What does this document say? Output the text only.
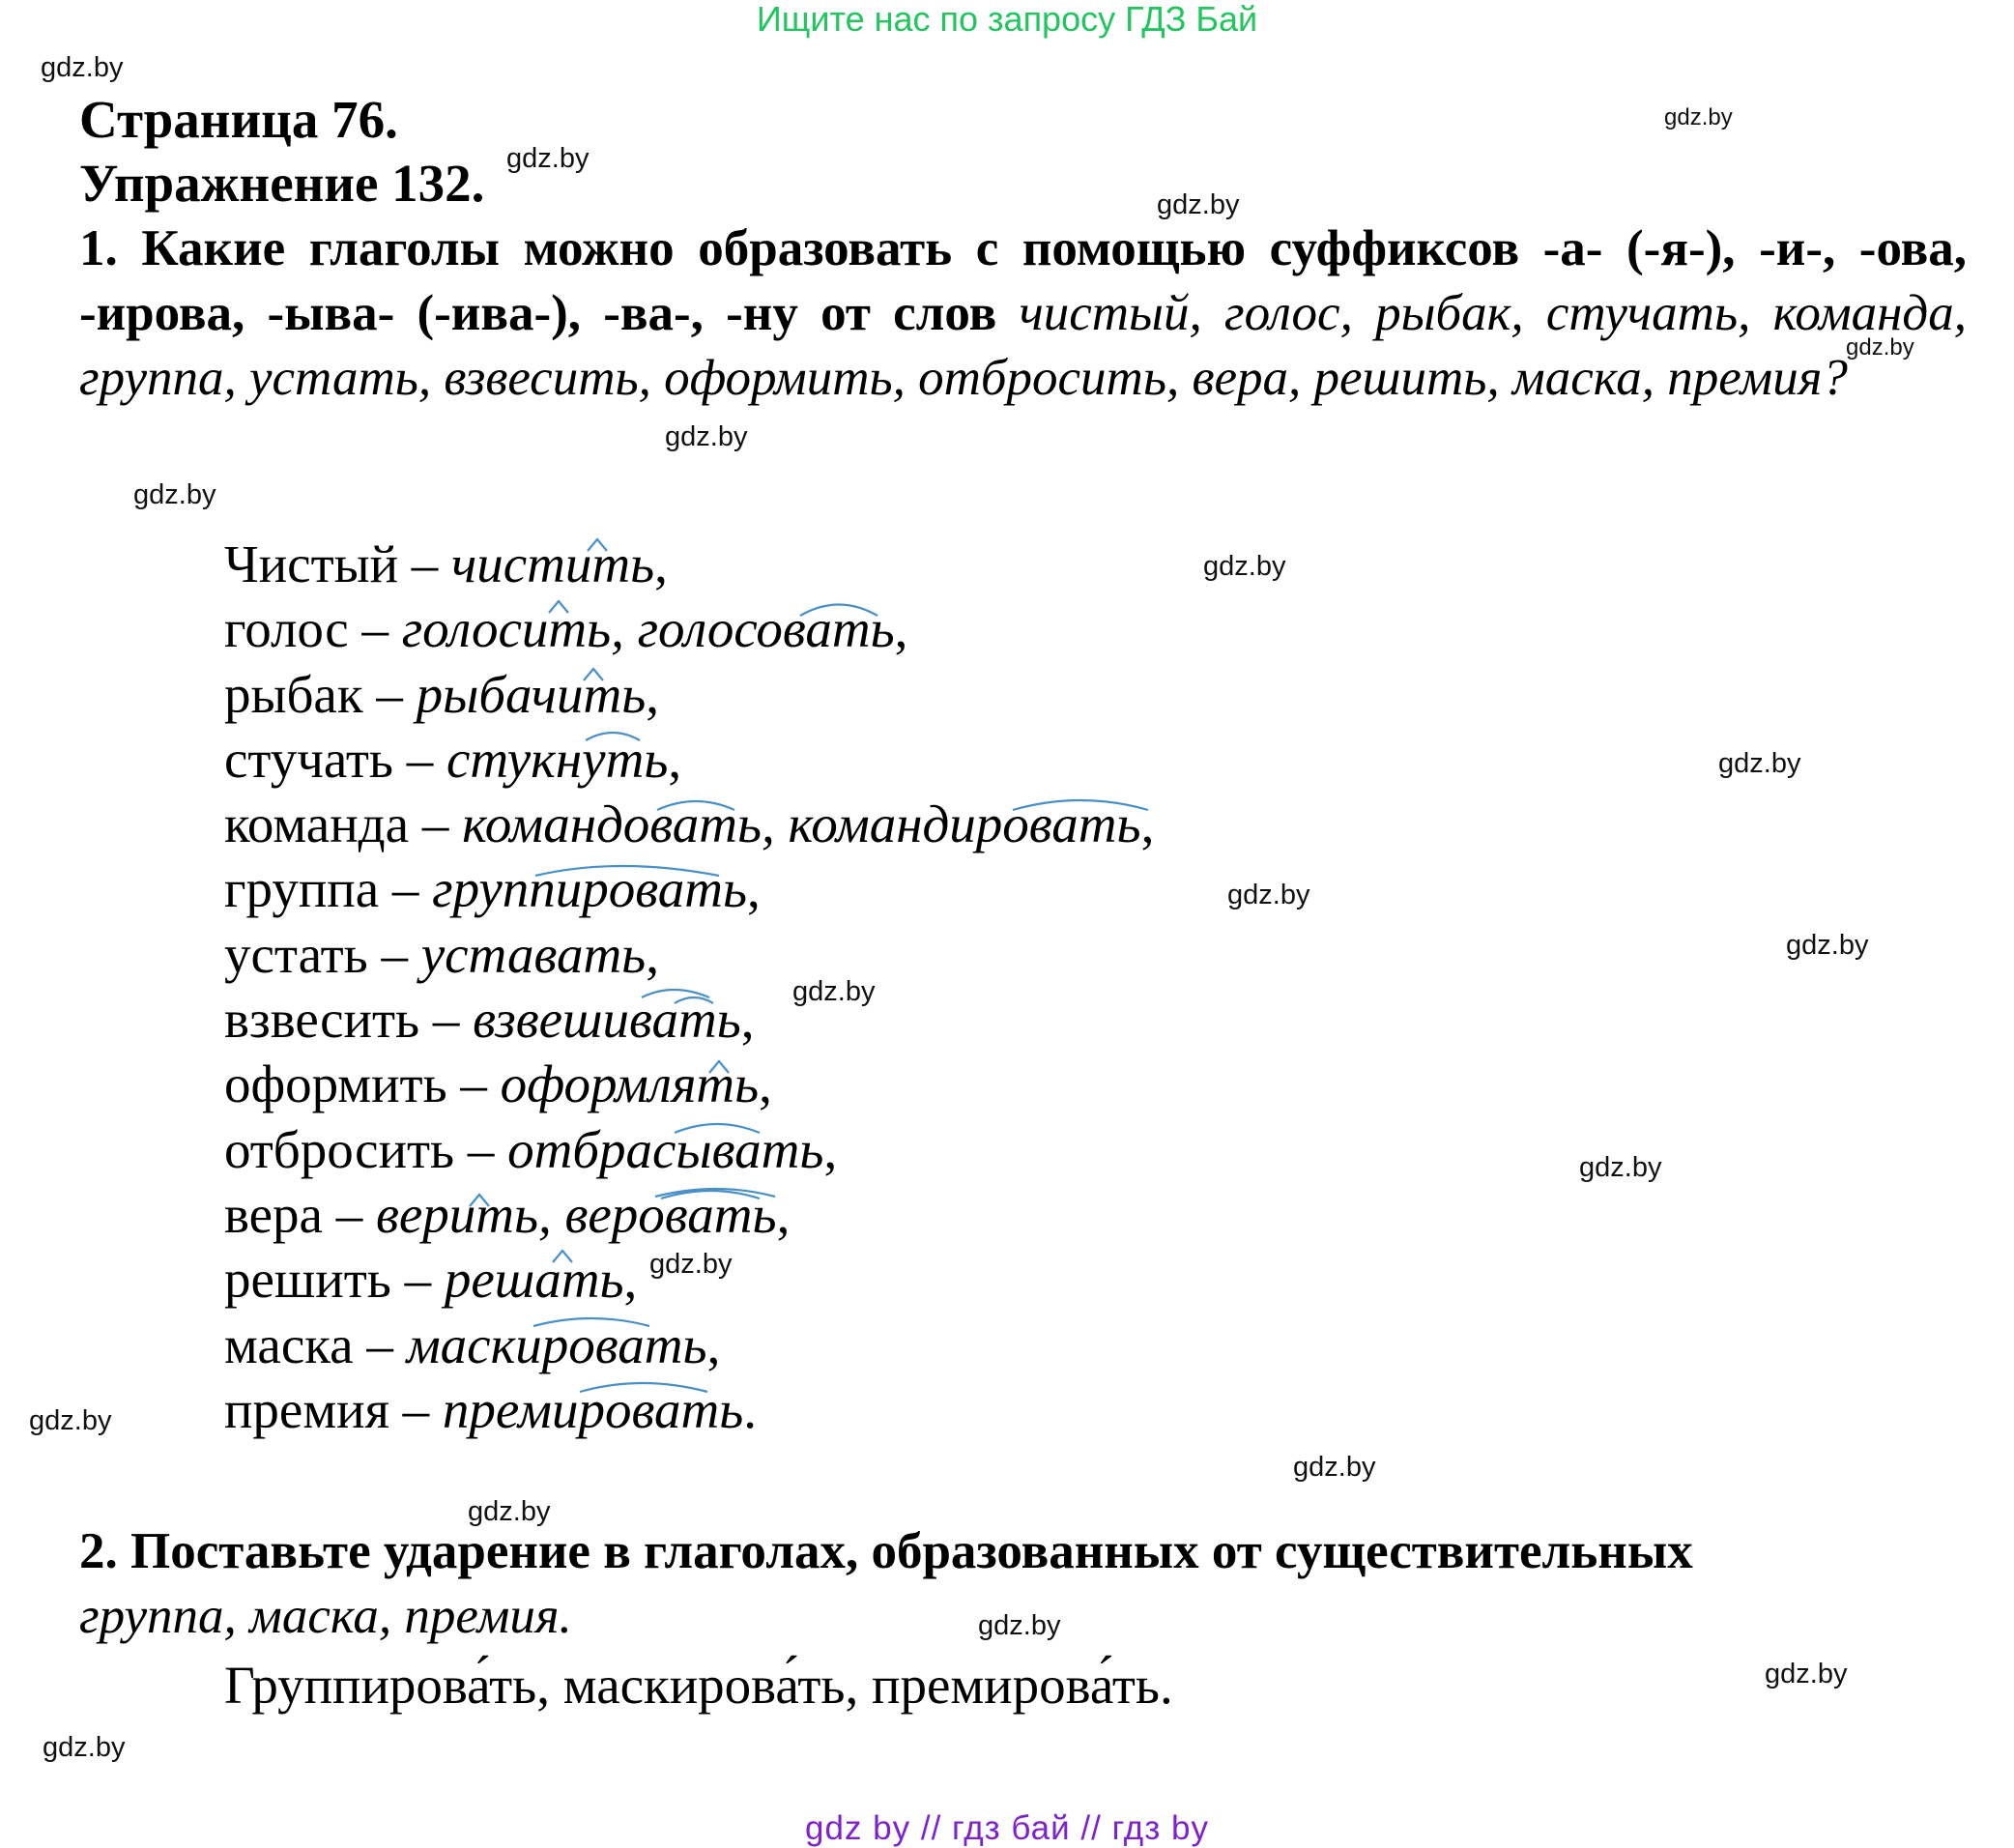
Ищите нас по запросу ГДЗ Бай
gdz.by
gdz.by
gdz.by
gdz.by
gdz.by
gdz.by
gdz.by
gdz.by
gdz.by
gdz.by
gdz.by
gdz.by
gdz.by
gdz.by
gdz.by
gdz.by
gdz.by
gdz.by
gdz.by
gdz.by
Страница 76.
Упражнение 132.
1. Какие глаголы можно образовать с помощью суффиксов -а- (-я-), -и-, -ова, -ирова, -ыва- (-ива-), -ва-, -ну от слов чистый, голос, рыбак, стучать, команда, группа, устать, взвесить, оформить, отбросить, вера, решить, маска, премия?
Чистый – чистить,
голос – голосить, голосовать,
рыбак – рыбачить,
стучать – стукнуть,
команда – командовать, командировать,
группа – группировать,
устать – уставать,
взвесить – взвешивать,
оформить – оформлять,
отбросить – отбрасывать,
вера – верить, веровать,
решить – решать,
маска – маскировать,
премия – премировать.
2. Поставьте ударение в глаголах, образованных от существительных
группа, маска, премия.
Группирова́ть, маскирова́ть, премирова́ть.
gdz by // гдз бай // гдз by
